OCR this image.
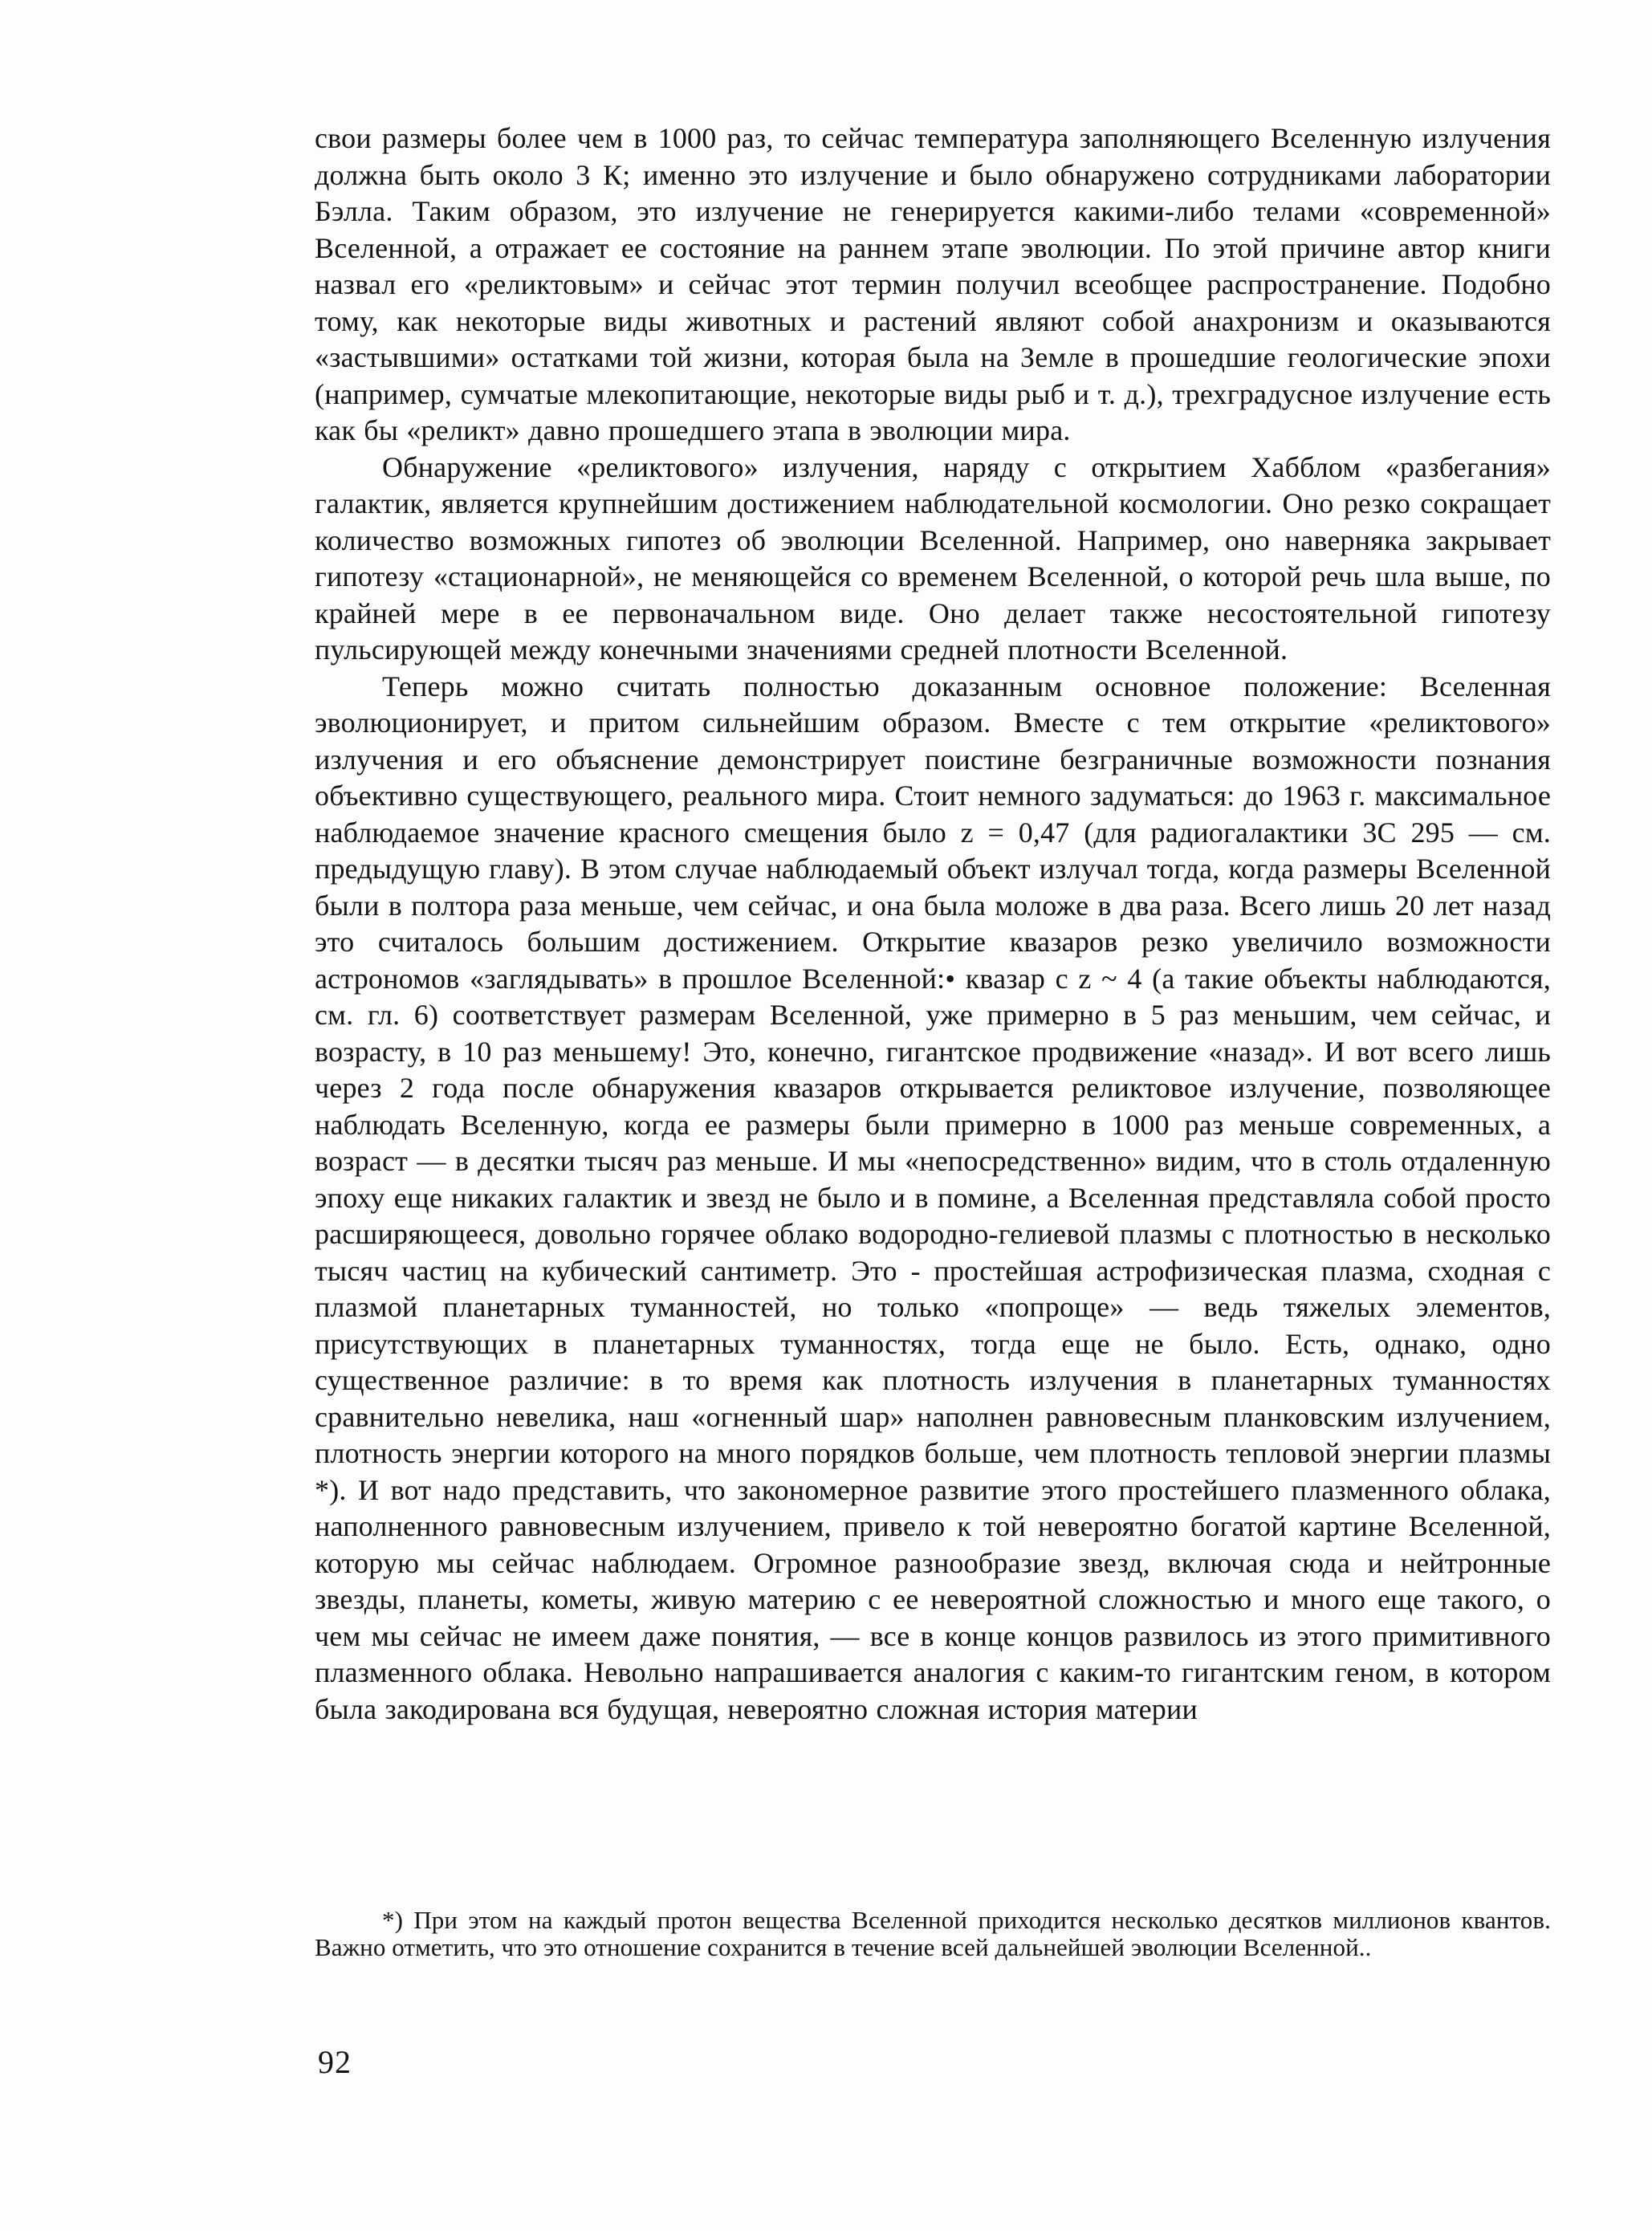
свои размеры более чем в 1000 раз, то сейчас температура заполняющего Вселенную излучения должна быть около 3 К; именно это излучение и было обнаружено сотрудниками лаборатории Бэлла. Таким образом, это излучение не генерируется какими-либо телами «современной» Вселенной, а отражает ее состояние на раннем этапе эволюции. По этой причине автор книги назвал его «реликтовым» и сейчас этот термин получил всеобщее распространение. Подобно тому, как некоторые виды животных и растений являют собой анахронизм и оказываются «застывшими» остатками той жизни, которая была на Земле в прошедшие геологические эпохи (например, сумчатые млекопитающие, некоторые виды рыб и т. д.), трехградусное излучение есть как бы «реликт» давно прошедшего этапа в эволюции мира.

Обнаружение «реликтового» излучения, наряду с открытием Хабблом «разбегания» галактик, является крупнейшим достижением наблюдательной космологии. Оно резко сокращает количество возможных гипотез об эволюции Вселенной. Например, оно наверняка закрывает гипотезу «стационарной», не меняющейся со временем Вселенной, о которой речь шла выше, по крайней мере в ее первоначальном виде. Оно делает также несостоятельной гипотезу пульсирующей между конечными значениями средней плотности Вселенной.

Теперь можно считать полностью доказанным основное положение: Вселенная эволюционирует, и притом сильнейшим образом. Вместе с тем открытие «реликтового» излучения и его объяснение демонстрирует поистине безграничные возможности познания объективно существующего, реального мира. Стоит немного задуматься: до 1963 г. максимальное наблюдаемое значение красного смещения было z = 0,47 (для радиогалактики 3С 295 — см. предыдущую главу). В этом случае наблюдаемый объект излучал тогда, когда размеры Вселенной были в полтора раза меньше, чем сейчас, и она была моложе в два раза. Всего лишь 20 лет назад это считалось большим достижением. Открытие квазаров резко увеличило возможности астрономов «заглядывать» в прошлое Вселенной:• квазар с z ~ 4 (а такие объекты наблюдаются, см. гл. 6) соответствует размерам Вселенной, уже примерно в 5 раз меньшим, чем сейчас, и возрасту, в 10 раз меньшему! Это, конечно, гигантское продвижение «назад». И вот всего лишь через 2 года после обнаружения квазаров открывается реликтовое излучение, позволяющее наблюдать Вселенную, когда ее размеры были примерно в 1000 раз меньше современных, а возраст — в десятки тысяч раз меньше. И мы «непосредственно» видим, что в столь отдаленную эпоху еще никаких галактик и звезд не было и в помине, а Вселенная представляла собой просто расширяющееся, довольно горячее облако водородно-гелиевой плазмы с плотностью в несколько тысяч частиц на кубический сантиметр. Это - простейшая астрофизическая плазма, сходная с плазмой планетарных туманностей, но только «попроще» — ведь тяжелых элементов, присутствующих в планетарных туманностях, тогда еще не было. Есть, однако, одно существенное различие: в то время как плотность излучения в планетарных туманностях сравнительно невелика, наш «огненный шар» наполнен равновесным планковским излучением, плотность энергии которого на много порядков больше, чем плотность тепловой энергии плазмы *). И вот надо представить, что закономерное развитие этого простейшего плазменного облака, наполненного равновесным излучением, привело к той невероятно богатой картине Вселенной, которую мы сейчас наблюдаем. Огромное разнообразие звезд, включая сюда и нейтронные звезды, планеты, кометы, живую материю с ее невероятной сложностью и много еще такого, о чем мы сейчас не имеем даже понятия, — все в конце концов развилось из этого примитивного плазменного облака. Невольно напрашивается аналогия с каким-то гигантским геном, в котором была закодирована вся будущая, невероятно сложная история материи

*) При этом на каждый протон вещества Вселенной приходится несколько десятков миллионов квантов. Важно отметить, что это отношение сохранится в течение всей дальнейшей эволюции Вселенной..

92
